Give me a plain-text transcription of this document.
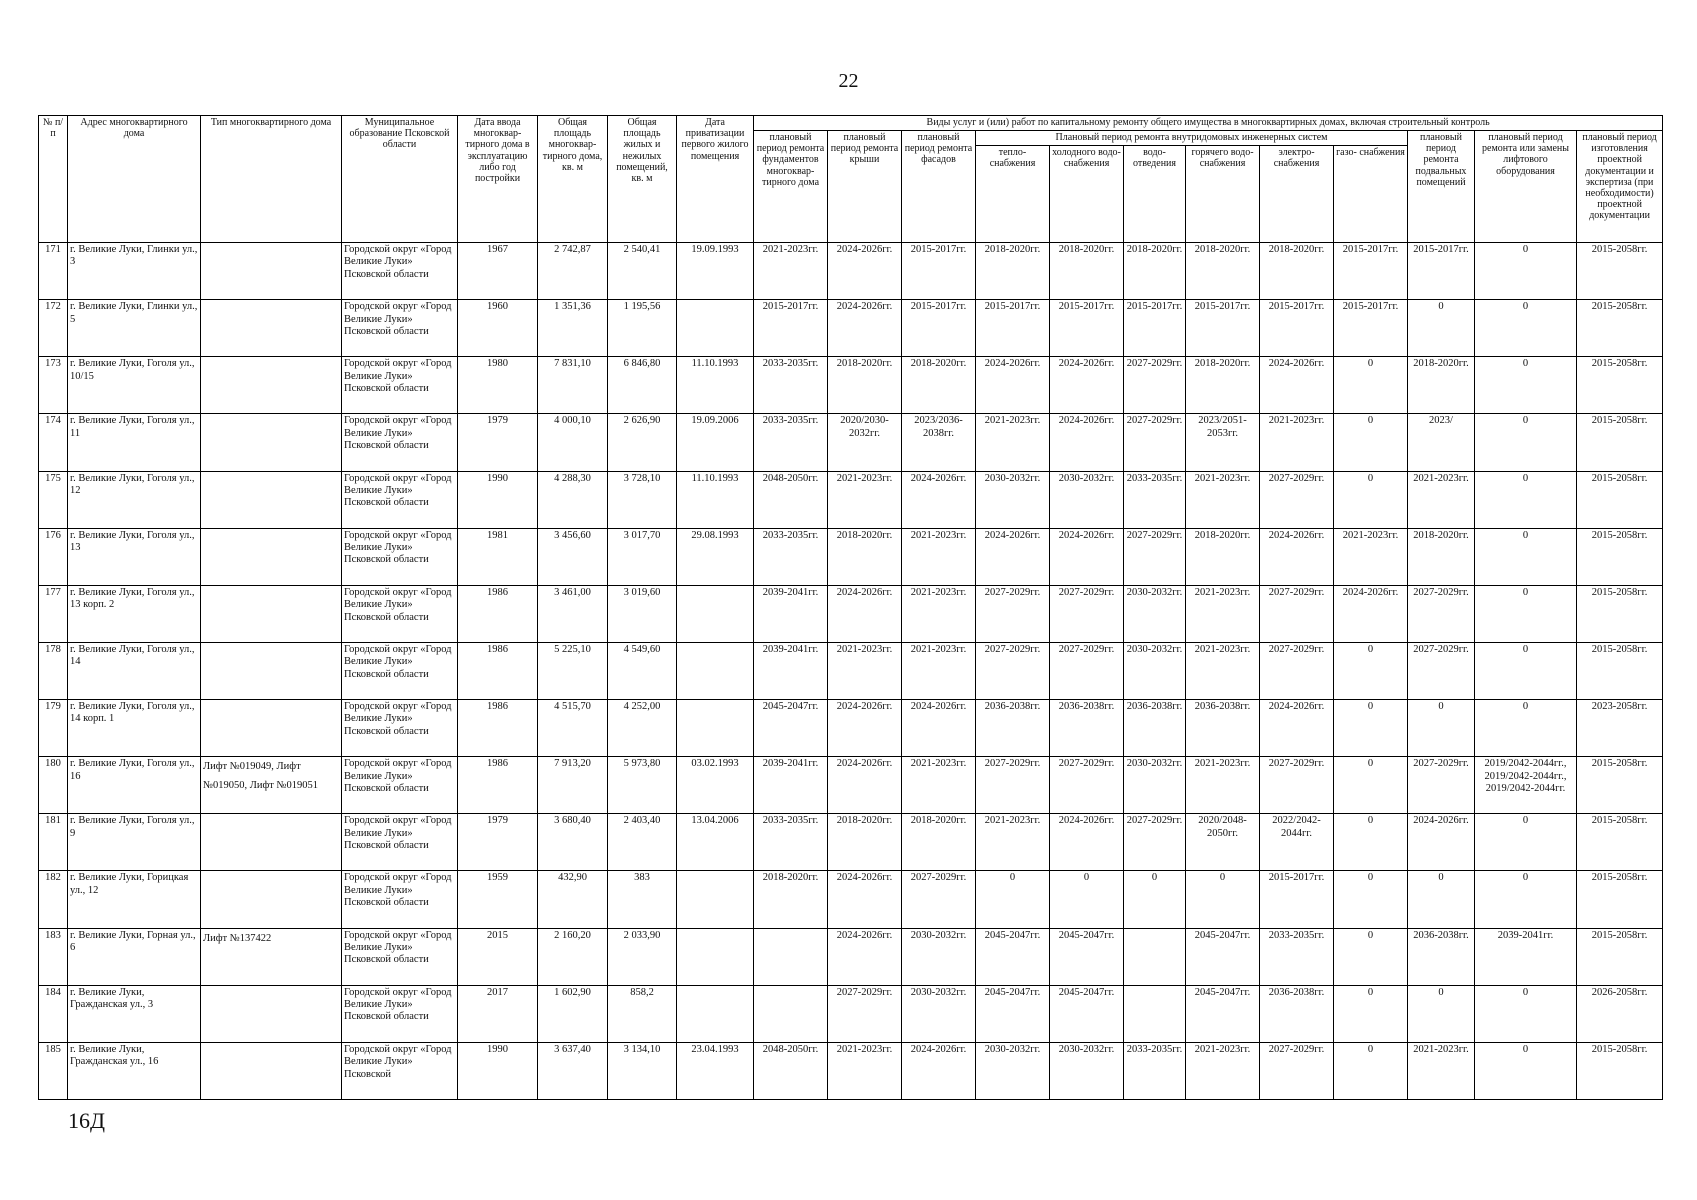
22
№ п/п	Адрес многоквартирного дома	Тип многоквартирного дома	Муниципальное образование Псковской области	Дата ввода многоквар- тирного дома в эксплуатацию либо год постройки	Общая площадь многоквар- тирного дома, кв. м	Общая площадь жилых и нежилых помещений, кв. м	Дата приватизации первого жилого помещения	Виды услуг и (или) работ по капитальному ремонту общего имущества в многоквартирных домах, включая строительный контроль											
								плановый период ремонта фундаментов многоквар- тирного дома	плановый период ремонта крыши	плановый период ремонта фасадов	Плановый период ремонта внутридомовых инженерных систем						плановый период ремонта подвальных помещений	плановый период ремонта или замены лифтового оборудования	плановый период изготовления проектной документации и экспертиза (при необходимости) проектной документации
											тепло- снабжения	холодного водо- снабжения	водо- отведения	горячего водо- снабжения	электро- снабжения	газо- снабжения			
171	г. Великие Луки, Глинки ул., 3		Городской округ «Город Великие Луки» Псковской области	1967	2 742,87	2 540,41	19.09.1993	2021-2023гг.	2024-2026гг.	2015-2017гг.	2018-2020гг.	2018-2020гг.	2018-2020гг.	2018-2020гг.	2018-2020гг.	2015-2017гг.	2015-2017гг.	0	2015-2058гг.
172	г. Великие Луки, Глинки ул., 5		Городской округ «Город Великие Луки» Псковской области	1960	1 351,36	1 195,56		2015-2017гг.	2024-2026гг.	2015-2017гг.	2015-2017гг.	2015-2017гг.	2015-2017гг.	2015-2017гг.	2015-2017гг.	2015-2017гг.	0	0	2015-2058гг.
173	г. Великие Луки, Гоголя ул., 10/15		Городской округ «Город Великие Луки» Псковской области	1980	7 831,10	6 846,80	11.10.1993	2033-2035гг.	2018-2020гг.	2018-2020гг.	2024-2026гг.	2024-2026гг.	2027-2029гг.	2018-2020гг.	2024-2026гг.	0	2018-2020гг.	0	2015-2058гг.
174	г. Великие Луки, Гоголя ул., 11		Городской округ «Город Великие Луки» Псковской области	1979	4 000,10	2 626,90	19.09.2006	2033-2035гг.	2020/2030-2032гг.	2023/2036-2038гг.	2021-2023гг.	2024-2026гг.	2027-2029гг.	2023/2051-2053гг.	2021-2023гг.	0	2023/	0	2015-2058гг.
175	г. Великие Луки, Гоголя ул., 12		Городской округ «Город Великие Луки» Псковской области	1990	4 288,30	3 728,10	11.10.1993	2048-2050гг.	2021-2023гг.	2024-2026гг.	2030-2032гг.	2030-2032гг.	2033-2035гг.	2021-2023гг.	2027-2029гг.	0	2021-2023гг.	0	2015-2058гг.
176	г. Великие Луки, Гоголя ул., 13		Городской округ «Город Великие Луки» Псковской области	1981	3 456,60	3 017,70	29.08.1993	2033-2035гг.	2018-2020гг.	2021-2023гг.	2024-2026гг.	2024-2026гг.	2027-2029гг.	2018-2020гг.	2024-2026гг.	2021-2023гг.	2018-2020гг.	0	2015-2058гг.
177	г. Великие Луки, Гоголя ул., 13 корп. 2		Городской округ «Город Великие Луки» Псковской области	1986	3 461,00	3 019,60		2039-2041гг.	2024-2026гг.	2021-2023гг.	2027-2029гг.	2027-2029гг.	2030-2032гг.	2021-2023гг.	2027-2029гг.	2024-2026гг.	2027-2029гг.	0	2015-2058гг.
178	г. Великие Луки, Гоголя ул., 14		Городской округ «Город Великие Луки» Псковской области	1986	5 225,10	4 549,60		2039-2041гг.	2021-2023гг.	2021-2023гг.	2027-2029гг.	2027-2029гг.	2030-2032гг.	2021-2023гг.	2027-2029гг.	0	2027-2029гг.	0	2015-2058гг.
179	г. Великие Луки, Гоголя ул., 14 корп. 1		Городской округ «Город Великие Луки» Псковской области	1986	4 515,70	4 252,00		2045-2047гг.	2024-2026гг.	2024-2026гг.	2036-2038гг.	2036-2038гг.	2036-2038гг.	2036-2038гг.	2024-2026гг.	0	0	0	2023-2058гг.
180	г. Великие Луки, Гоголя ул., 16	Лифт №019049, Лифт №019050, Лифт №019051	Городской округ «Город Великие Луки» Псковской области	1986	7 913,20	5 973,80	03.02.1993	2039-2041гг.	2024-2026гг.	2021-2023гг.	2027-2029гг.	2027-2029гг.	2030-2032гг.	2021-2023гг.	2027-2029гг.	0	2027-2029гг.	2019/2042-2044гг., 2019/2042-2044гг., 2019/2042-2044гг.	2015-2058гг.
181	г. Великие Луки, Гоголя ул., 9		Городской округ «Город Великие Луки» Псковской области	1979	3 680,40	2 403,40	13.04.2006	2033-2035гг.	2018-2020гг.	2018-2020гг.	2021-2023гг.	2024-2026гг.	2027-2029гг.	2020/2048-2050гг.	2022/2042-2044гг.	0	2024-2026гг.	0	2015-2058гг.
182	г. Великие Луки, Горицкая ул., 12		Городской округ «Город Великие Луки» Псковской области	1959	432,90	383		2018-2020гг.	2024-2026гг.	2027-2029гг.	0	0	0	0	2015-2017гг.	0	0	0	2015-2058гг.
183	г. Великие Луки, Горная ул., 6	Лифт №137422	Городской округ «Город Великие Луки» Псковской области	2015	2 160,20	2 033,90			2024-2026гг.	2030-2032гг.	2045-2047гг.	2045-2047гг.		2045-2047гг.	2033-2035гг.	0	2036-2038гг.	2039-2041гг.	2015-2058гг.
184	г. Великие Луки, Гражданская ул., 3		Городской округ «Город Великие Луки» Псковской области	2017	1 602,90	858,2			2027-2029гг.	2030-2032гг.	2045-2047гг.	2045-2047гг.		2045-2047гг.	2036-2038гг.	0	0	0	2026-2058гг.
185	г. Великие Луки, Гражданская ул., 16		Городской округ «Город Великие Луки» Псковской	1990	3 637,40	3 134,10	23.04.1993	2048-2050гг.	2021-2023гг.	2024-2026гг.	2030-2032гг.	2030-2032гг.	2033-2035гг.	2021-2023гг.	2027-2029гг.	0	2021-2023гг.	0	2015-2058гг.
16Д
